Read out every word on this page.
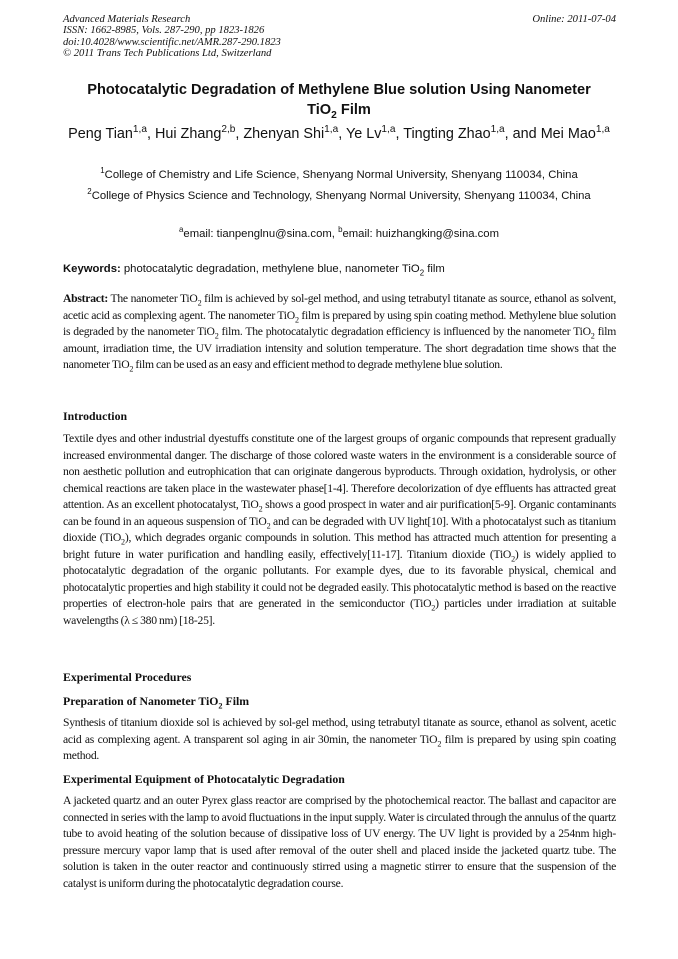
Advanced Materials Research
ISSN: 1662-8985, Vols. 287-290, pp 1823-1826
doi:10.4028/www.scientific.net/AMR.287-290.1823
© 2011 Trans Tech Publications Ltd, Switzerland
Online: 2011-07-04
Photocatalytic Degradation of Methylene Blue solution Using Nanometer
TiO$_2$ Film
Peng Tian$^{1,a}$, Hui Zhang$^{2,b}$, Zhenyan Shi$^{1,a}$, Ye Lv$^{1,a}$, Tingting Zhao$^{1,a}$, and Mei Mao$^{1,a}$
$^1$College of Chemistry and Life Science, Shenyang Normal University, Shenyang 110034, China
$^2$College of Physics Science and Technology, Shenyang Normal University, Shenyang 110034, China
$^a$email: tianpenglnu@sina.com, $^b$email: huizhangking@sina.com
Keywords: photocatalytic degradation, methylene blue, nanometer TiO$_2$ film
Abstract: The nanometer TiO$_2$ film is achieved by sol-gel method, and using tetrabutyl titanate as source, ethanol as solvent, acetic acid as complexing agent. The nanometer TiO$_2$ film is prepared by using spin coating method. Methylene blue solution is degraded by the nanometer TiO$_2$ film. The photocatalytic degradation efficiency is influenced by the nanometer TiO$_2$ film amount, irradiation time, the UV irradiation intensity and solution temperature. The short degradation time shows that the nanometer TiO$_2$ film can be used as an easy and efficient method to degrade methylene blue solution.
Introduction
Textile dyes and other industrial dyestuffs constitute one of the largest groups of organic compounds that represent gradually increased environmental danger. The discharge of those colored waste waters in the environment is a considerable source of non aesthetic pollution and eutrophication that can originate dangerous byproducts. Through oxidation, hydrolysis, or other chemical reactions are taken place in the wastewater phase[1-4]. Therefore decolorization of dye effluents has attracted great attention. As an excellent photocatalyst, TiO$_2$ shows a good prospect in water and air purification[5-9]. Organic contaminants can be found in an aqueous suspension of TiO$_2$ and can be degraded with UV light[10]. With a photocatalyst such as titanium dioxide (TiO$_2$), which degrades organic compounds in solution. This method has attracted much attention for presenting a bright future in water purification and handling easily, effectively[11-17]. Titanium dioxide (TiO$_2$) is widely applied to photocatalytic degradation of the organic pollutants. For example dyes, due to its favorable physical, chemical and photocatalytic properties and high stability it could not be degraded easily. This photocatalytic method is based on the reactive properties of electron-hole pairs that are generated in the semiconductor (TiO$_2$) particles under irradiation at suitable wavelengths (λ ≤ 380 nm) [18-25].
Experimental Procedures
Preparation of Nanometer TiO$_2$ Film
Synthesis of titanium dioxide sol is achieved by sol-gel method, using tetrabutyl titanate as source, ethanol as solvent, acetic acid as complexing agent. A transparent sol aging in air 30min, the nanometer TiO$_2$ film is prepared by using spin coating method.
Experimental Equipment of Photocatalytic Degradation
A jacketed quartz and an outer Pyrex glass reactor are comprised by the photochemical reactor. The ballast and capacitor are connected in series with the lamp to avoid fluctuations in the input supply. Water is circulated through the annulus of the quartz tube to avoid heating of the solution because of dissipative loss of UV energy. The UV light is provided by a 254nm high-pressure mercury vapor lamp that is used after removal of the outer shell and placed inside the jacketed quartz tube. The solution is taken in the outer reactor and continuously stirred using a magnetic stirrer to ensure that the suspension of the catalyst is uniform during the photocatalytic degradation course.
